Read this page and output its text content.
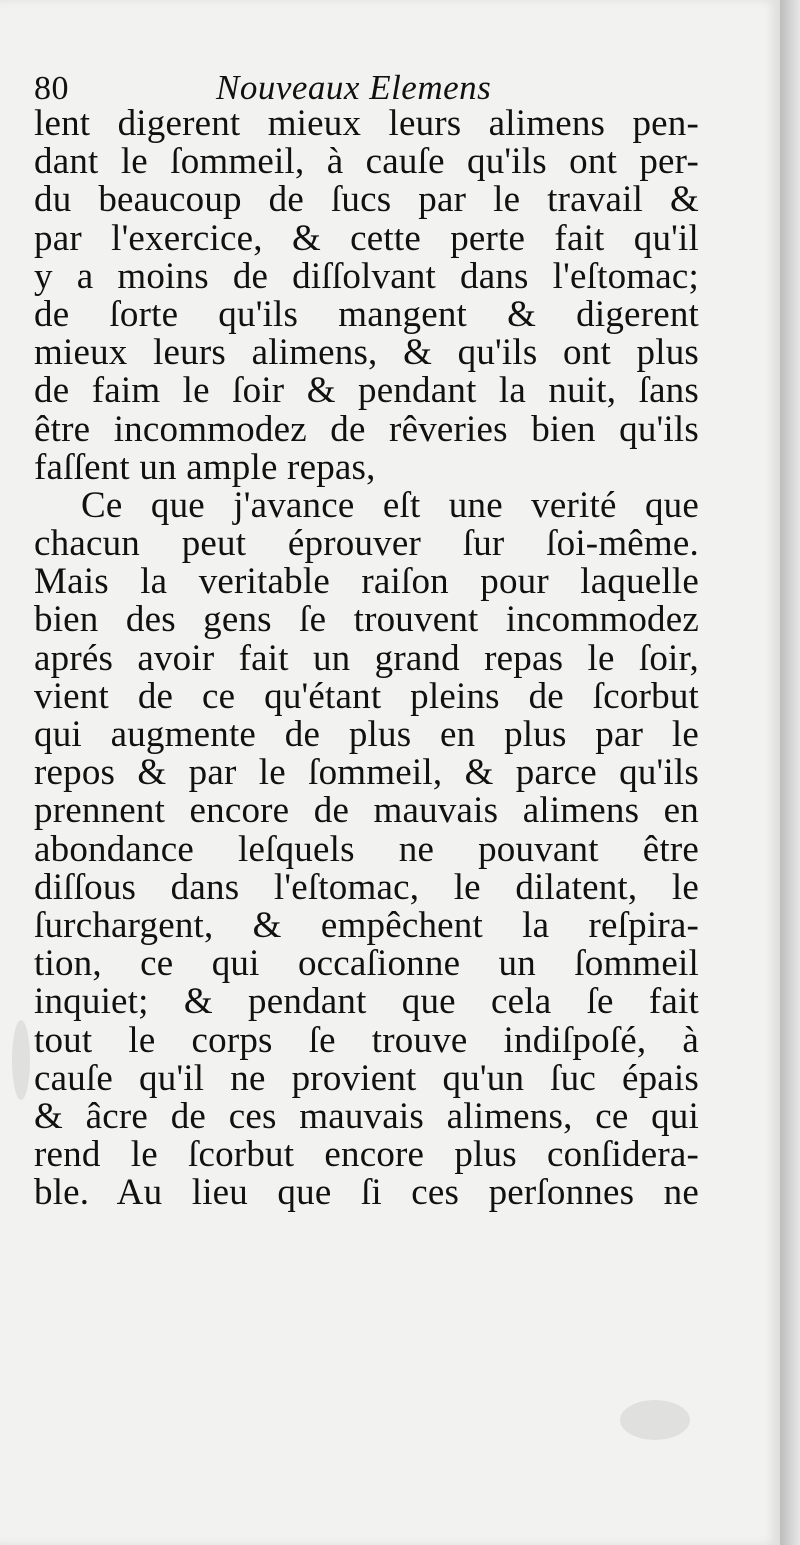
80	Nouveaux Elemens
lent digerent mieux leurs alimens pen-
dant le ſommeil, à cauſe qu'ils ont per-
du beaucoup de ſucs par le travail &
par l'exercice, & cette perte fait qu'il
y a moins de diſſolvant dans l'eſtomac;
de ſorte qu'ils mangent & digerent
mieux leurs alimens, & qu'ils ont plus
de faim le ſoir & pendant la nuit, ſans
être incommodez de rêveries bien qu'ils
faſſent un ample repas,
Ce que j'avance eſt une verité que
chacun peut éprouver ſur ſoi-même.
Mais la veritable raiſon pour laquelle
bien des gens ſe trouvent incommodez
aprés avoir fait un grand repas le ſoir,
vient de ce qu'étant pleins de ſcorbut
qui augmente de plus en plus par le
repos & par le ſommeil, & parce qu'ils
prennent encore de mauvais alimens en
abondance leſquels ne pouvant être
diſſous dans l'eſtomac, le dilatent, le
ſurchargent, & empêchent la reſpira-
tion, ce qui occaſionne un ſommeil
inquiet; & pendant que cela ſe fait
tout le corps ſe trouve indiſpoſé, à
cauſe qu'il ne provient qu'un ſuc épais
& âcre de ces mauvais alimens, ce qui
rend le ſcorbut encore plus conſidera-
ble. Au lieu que ſi ces perſonnes ne
